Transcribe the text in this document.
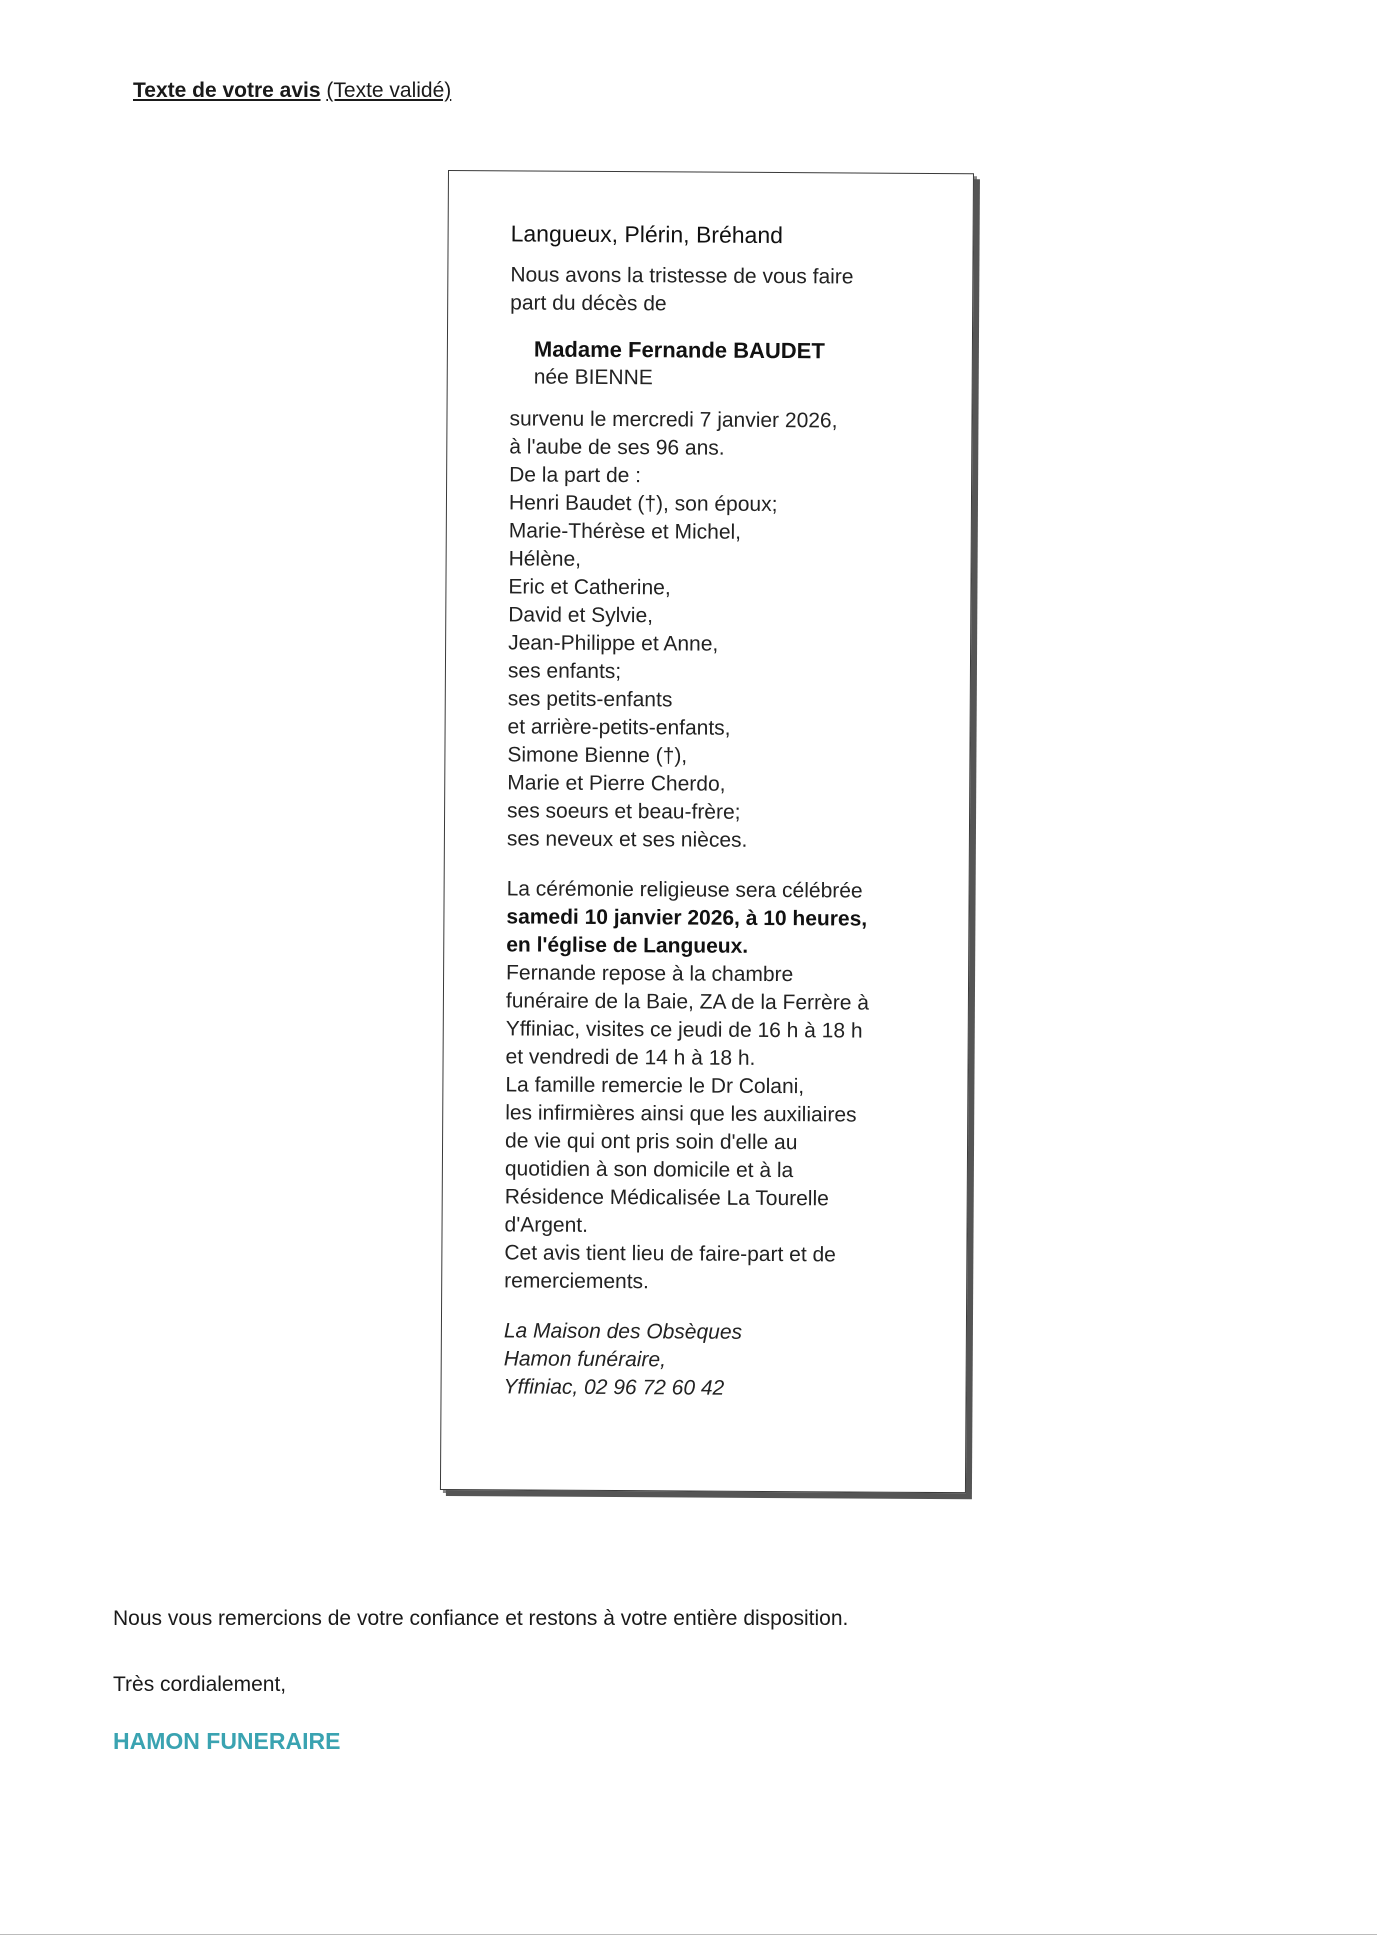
Texte de votre avis (Texte validé)
Langueux, Plérin, Bréhand
Nous avons la tristesse de vous faire
part du décès de
Madame Fernande BAUDET
née BIENNE
survenu le mercredi 7 janvier 2026,
à l'aube de ses 96 ans.
De la part de :
Henri Baudet (†), son époux;
Marie-Thérèse et Michel,
Hélène,
Eric et Catherine,
David et Sylvie,
Jean-Philippe et Anne,
ses enfants;
ses petits-enfants
et arrière-petits-enfants,
Simone Bienne (†),
Marie et Pierre Cherdo,
ses soeurs et beau-frère;
ses neveux et ses nièces.
La cérémonie religieuse sera célébrée
samedi 10 janvier 2026, à 10 heures,
en l'église de Langueux.
Fernande repose à la chambre
funéraire de la Baie, ZA de la Ferrère à
Yffiniac, visites ce jeudi de 16 h à 18 h
et vendredi de 14 h à 18 h.
La famille remercie le Dr Colani,
les infirmières ainsi que les auxiliaires
de vie qui ont pris soin d'elle au
quotidien à son domicile et à la
Résidence Médicalisée La Tourelle
d'Argent.
Cet avis tient lieu de faire-part et de
remerciements.
La Maison des Obsèques
Hamon funéraire,
Yffiniac, 02 96 72 60 42
Nous vous remercions de votre confiance et restons à votre entière disposition.
Très cordialement,
HAMON FUNERAIRE
